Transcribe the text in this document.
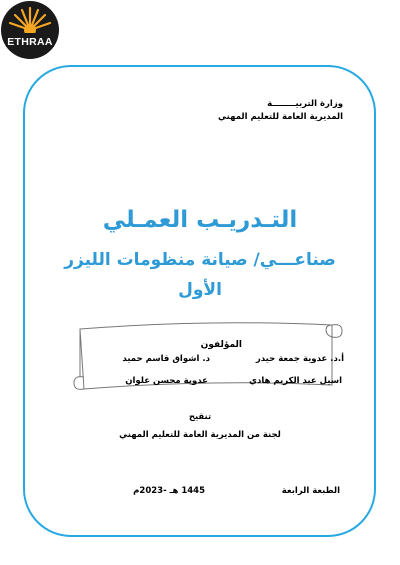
ETHRAA
وزارة التربيــــــــة
المديرية العامة للتعليم المهني
التـدريـب العمـلي
صناعـــي/ صيانة منظومات الليزر
الأول
المؤلفون
أ.د. عدوية جمعة حيدر
د. اشواق قاسم حميد
اسيل عبد الكريم هادي
عدوية محسن علوان
تنقيح
لجنة من المديرية العامة للتعليم المهني
الطبعة الرابعة
1445 هـ -2023م
